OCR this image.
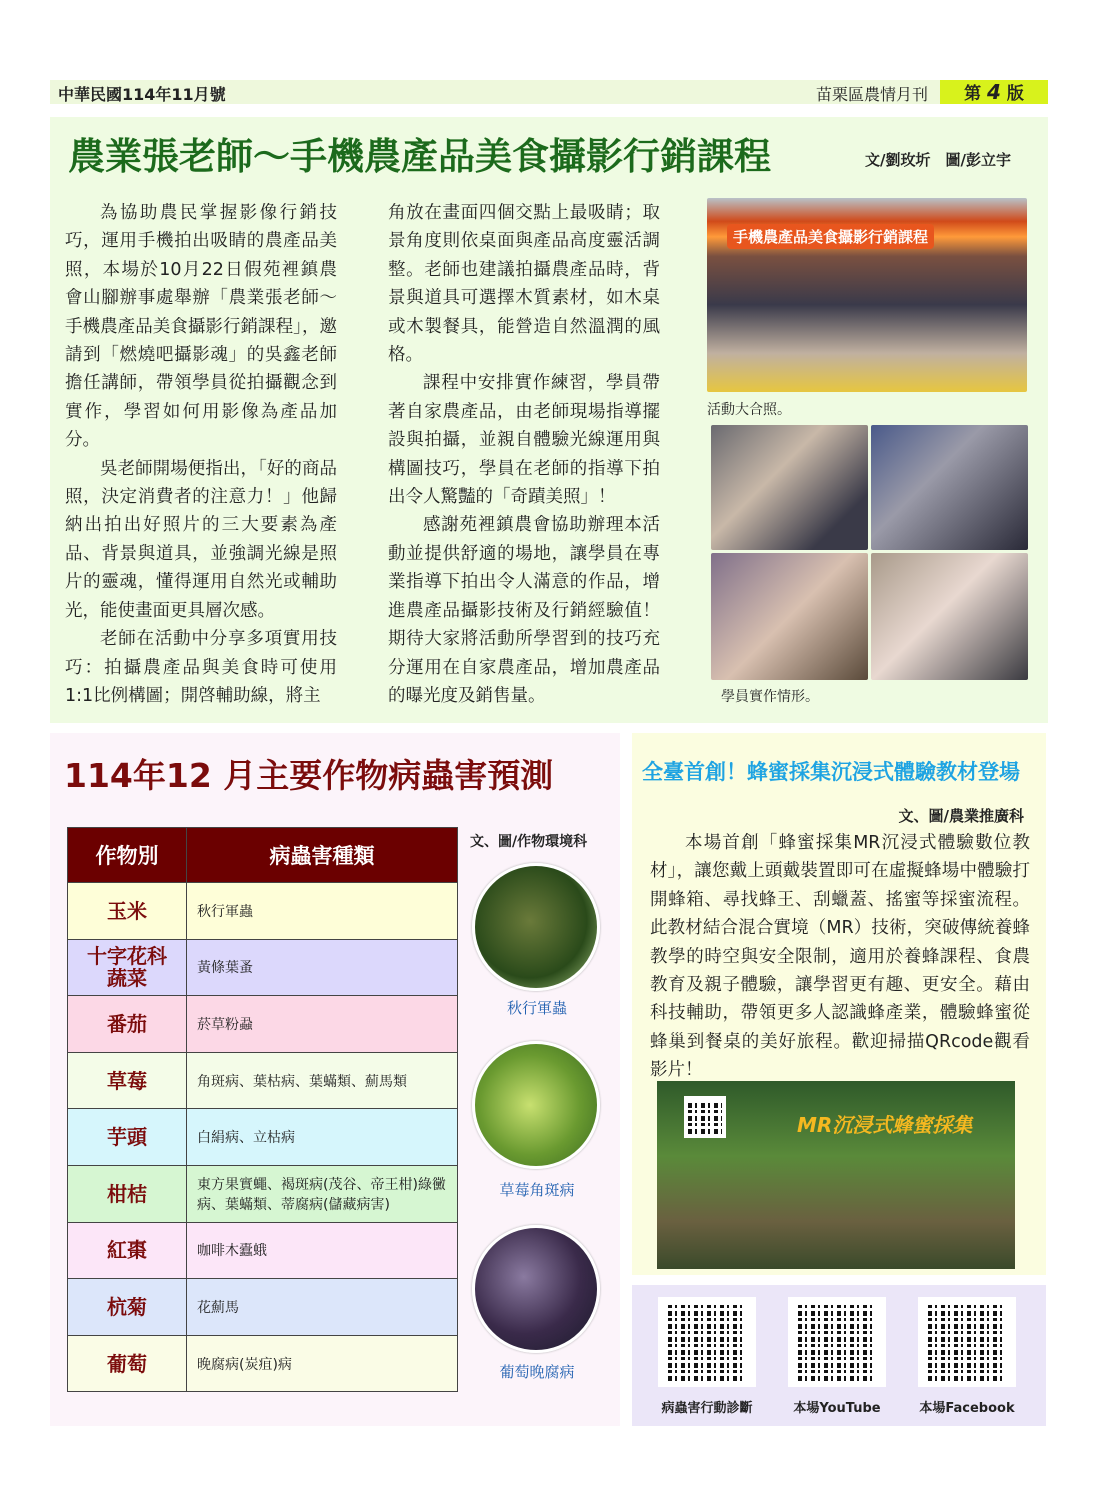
中華民國114年11月號	苗栗區農情月刊	第 4 版
農業張老師～手機農產品美食攝影行銷課程	文/劉玫圻　圖/彭立宇

為協助農民掌握影像行銷技巧，運用手機拍出吸睛的農產品美照，本場於10月22日假苑裡鎮農會山腳辦事處舉辦「農業張老師～手機農產品美食攝影行銷課程」，邀請到「燃燒吧攝影魂」的吳鑫老師擔任講師，帶領學員從拍攝觀念到實作，學習如何用影像為產品加分。

吳老師開場便指出，「好的商品照，決定消費者的注意力！」他歸納出拍出好照片的三大要素為產品、背景與道具，並強調光線是照片的靈魂，懂得運用自然光或輔助光，能使畫面更具層次感。

老師在活動中分享多項實用技巧：拍攝農產品與美食時可使用1:1比例構圖；開啓輔助線，將主

角放在畫面四個交點上最吸睛；取景角度則依桌面與產品高度靈活調整。老師也建議拍攝農產品時，背景與道具可選擇木質素材，如木桌或木製餐具，能營造自然溫潤的風格。

課程中安排實作練習，學員帶著自家農產品，由老師現場指導擺設與拍攝，並親自體驗光線運用與構圖技巧，學員在老師的指導下拍出令人驚豔的「奇蹟美照」！

感謝苑裡鎮農會協助辦理本活動並提供舒適的場地，讓學員在專業指導下拍出令人滿意的作品，增進農產品攝影技術及行銷經驗值！期待大家將活動所學習到的技巧充分運用在自家農產品，增加農產品的曝光度及銷售量。

手機農產品美食攝影行銷課程
活動大合照。
學員實作情形。
114年12 月主要作物病蟲害預測
文、圖/作物環境科
作物別	病蟲害種類
玉米	秋行軍蟲
十字花科蔬菜	黃條葉蚤
番茄	菸草粉蝨
草莓	角斑病、葉枯病、葉蟎類、薊馬類
芋頭	白絹病、立枯病
柑桔	東方果實蠅、褐斑病(茂谷、帝王柑)綠黴病、葉蟎類、蒂腐病(儲藏病害)
紅棗	咖啡木蠹蛾
杭菊	花薊馬
葡萄	晚腐病(炭疽)病
秋行軍蟲
草莓角斑病
葡萄晚腐病
全臺首創！蜂蜜採集沉浸式體驗教材登場
文、圖/農業推廣科

本場首創「蜂蜜採集MR沉浸式體驗數位教材」，讓您戴上頭戴裝置即可在虛擬蜂場中體驗打開蜂箱、尋找蜂王、刮蠟蓋、搖蜜等採蜜流程。此教材結合混合實境（MR）技術，突破傳統養蜂教學的時空與安全限制，適用於養蜂課程、食農教育及親子體驗，讓學習更有趣、更安全。藉由科技輔助，帶領更多人認識蜂產業，體驗蜂蜜從蜂巢到餐桌的美好旅程。歡迎掃描QRcode觀看影片！

MR沉浸式蜂蜜採集
病蟲害行動診斷	本場YouTube	本場Facebook
